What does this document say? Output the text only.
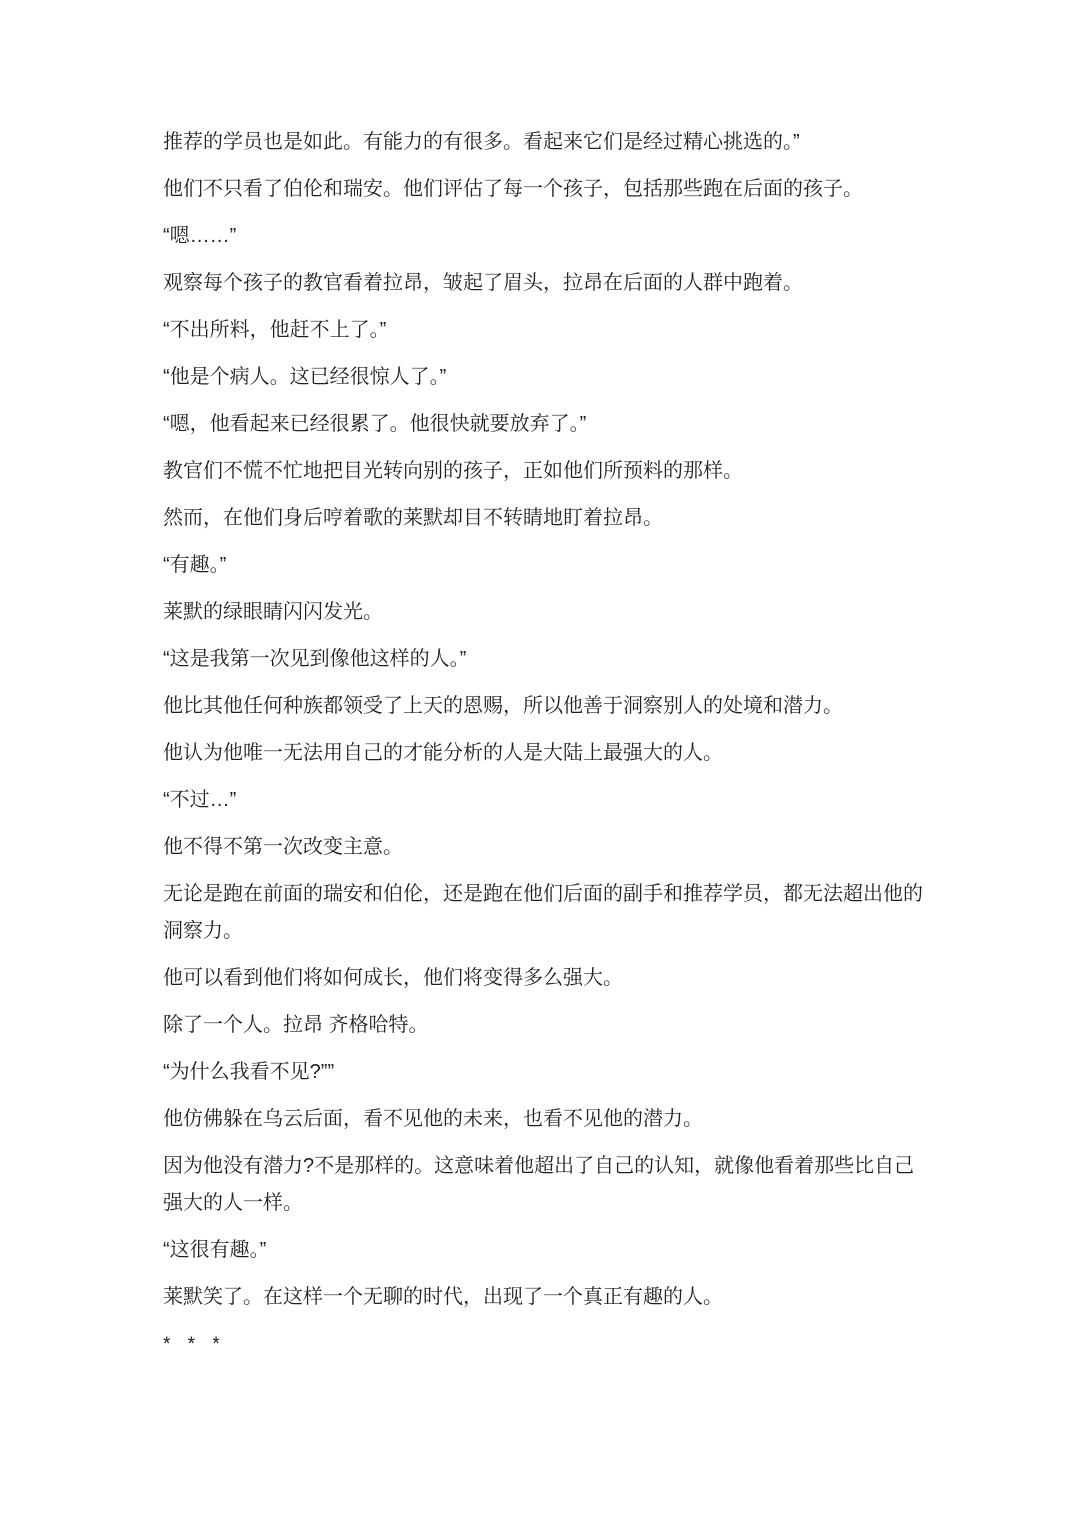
推荐的学员也是如此。有能力的有很多。看起来它们是经过精心挑选的。”

他们不只看了伯伦和瑞安。他们评估了每一个孩子，包括那些跑在后面的孩子。

“嗯……”

观察每个孩子的教官看着拉昂，皱起了眉头，拉昂在后面的人群中跑着。

“不出所料，他赶不上了。”

“他是个病人。这已经很惊人了。”

“嗯，他看起来已经很累了。他很快就要放弃了。”

教官们不慌不忙地把目光转向别的孩子，正如他们所预料的那样。

然而，在他们身后哼着歌的莱默却目不转睛地盯着拉昂。

“有趣。”

莱默的绿眼睛闪闪发光。

“这是我第一次见到像他这样的人。”

他比其他任何种族都领受了上天的恩赐，所以他善于洞察别人的处境和潜力。

他认为他唯一无法用自己的才能分析的人是大陆上最强大的人。

“不过…”

他不得不第一次改变主意。

无论是跑在前面的瑞安和伯伦，还是跑在他们后面的副手和推荐学员，都无法超出他的洞察力。

他可以看到他们将如何成长，他们将变得多么强大。

除了一个人。拉昂 齐格哈特。

“为什么我看不见?””

他仿佛躲在乌云后面，看不见他的未来，也看不见他的潜力。

因为他没有潜力?不是那样的。这意味着他超出了自己的认知，就像他看着那些比自己强大的人一样。

“这很有趣。”

莱默笑了。在这样一个无聊的时代，出现了一个真正有趣的人。

* * *
